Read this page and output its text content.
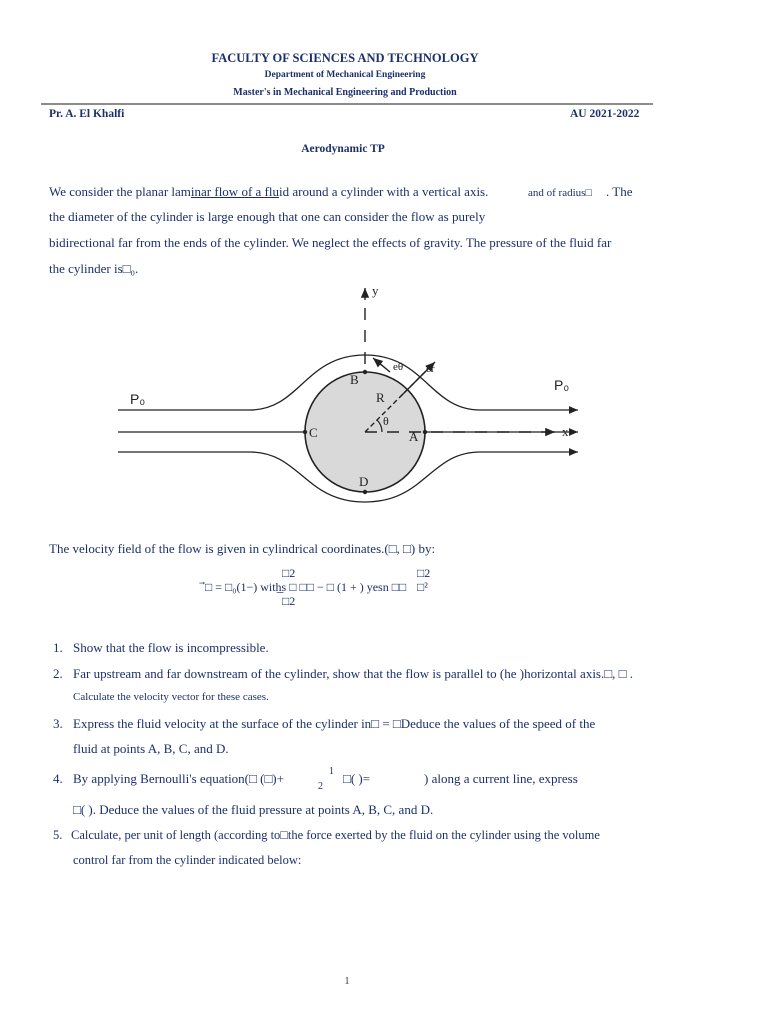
FACULTY OF SCIENCES AND TECHNOLOGY
Department of Mechanical Engineering
Master's in Mechanical Engineering and Production
Pr. A. El Khalfi	AU 2021-2022
Aerodynamic TP
We consider the planar laminar flow of a fluid around a cylinder with a vertical axis.	and of radius□ . The
the diameter of the cylinder is large enough that one can consider the flow as purely
bidirectional far from the ends of the cylinder. We neglect the effects of gravity. The pressure of the fluid far
the cylinder is□₀.
y
x
A
B
C
D
R
θ
eθ er
P₀
P₀
The velocity field of the flow is given in cylindrical coordinates.(□, □) by:
□2
⃗□ = □₀(1−) witẖ̱̱s □ □□ − □ (1 + ) yesn □□
□2
□2
□²
1. Show that the flow is incompressible.
2. Far upstream and far downstream of the cylinder, show that the flow is parallel to (he )horizontal axis.□, □ .
Calculate the velocity vector for these cases.
3. Express the fluid velocity at the surface of the cylinder in□ = □Deduce the values of the speed of the
fluid at points A, B, C, and D.
4. By applying Bernoulli's equation(□ (□)+	1
2
□( )=	) along a current line, express
□( ). Deduce the values of the fluid pressure at points A, B, C, and D.
5. Calculate, per unit of length (according to□the force exerted by the fluid on the cylinder using the volume
control far from the cylinder indicated below:
1
